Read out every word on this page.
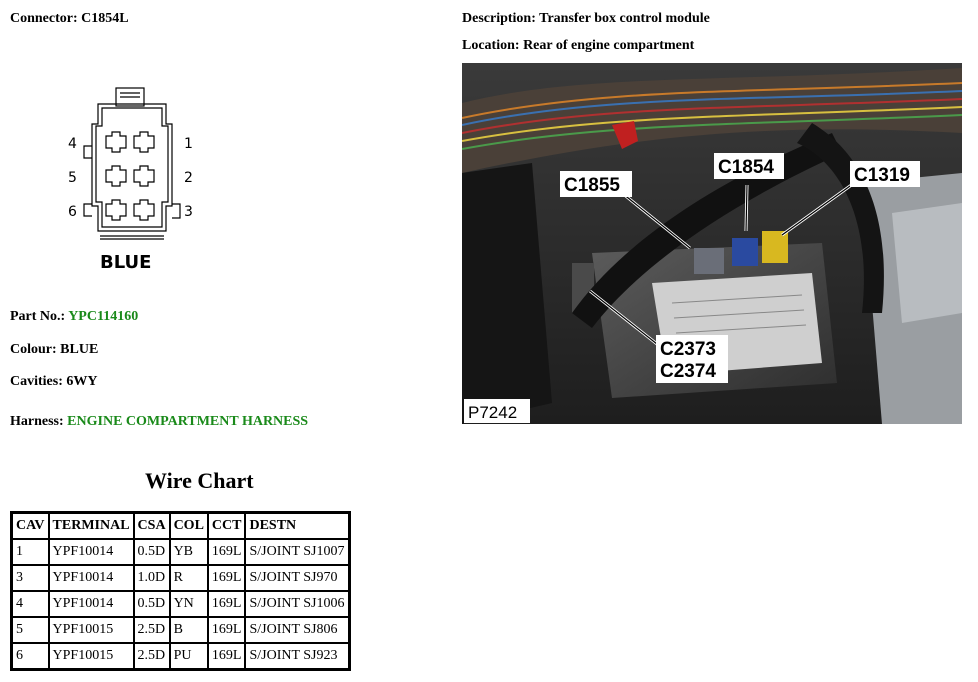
Connector: C1854L	Description: Transfer box control module
Location: Rear of engine compartment
4
5
6
1
2
3
BLUE
Part No.: YPC114160
Colour: BLUE
Cavities: 6WY
Harness: ENGINE COMPARTMENT HARNESS
Wire Chart
CAV	TERMINAL	CSA	COL	CCT	DESTN
1	YPF10014	0.5D	YB	169L	S/JOINT SJ1007
3	YPF10014	1.0D	R	169L	S/JOINT SJ970
4	YPF10014	0.5D	YN	169L	S/JOINT SJ1006
5	YPF10015	2.5D	B	169L	S/JOINT SJ806
6	YPF10015	2.5D	PU	169L	S/JOINT SJ923
C1855
C1854	C1319
C2373
C2374
P7242
